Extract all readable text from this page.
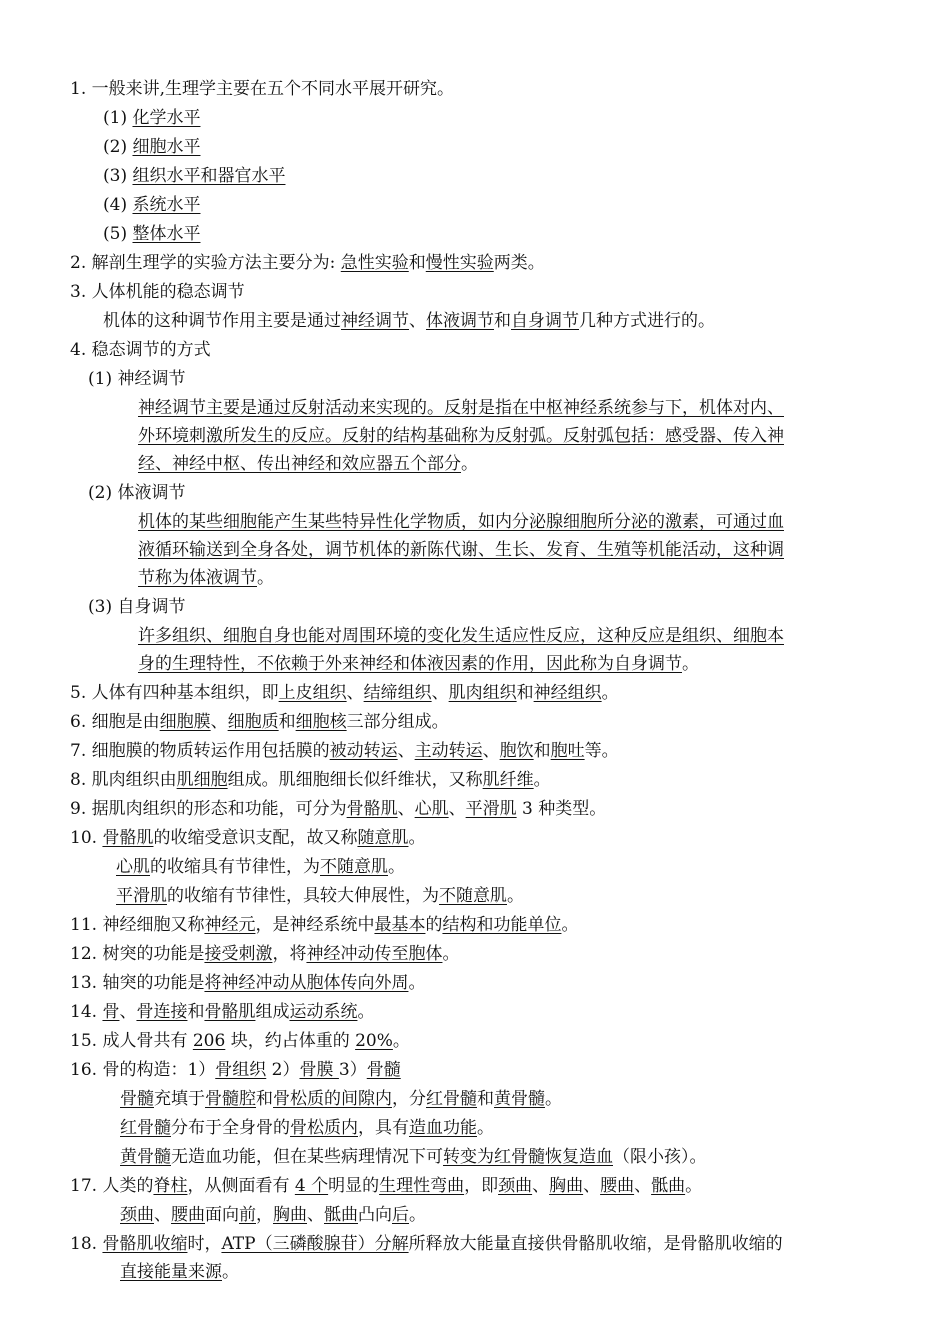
1. 一般来讲,生理学主要在五个不同水平展开研究。
(1) 化学水平
(2) 细胞水平
(3) 组织水平和器官水平
(4) 系统水平
(5) 整体水平
2. 解剖生理学的实验方法主要分为: 急性实验和慢性实验两类。
3. 人体机能的稳态调节
机体的这种调节作用主要是通过神经调节、体液调节和自身调节几种方式进行的。
4. 稳态调节的方式
(1) 神经调节
神经调节主要是通过反射活动来实现的。反射是指在中枢神经系统参与下，机体对内、
外环境刺激所发生的反应。反射的结构基础称为反射弧。反射弧包括：感受器、传入神
经、神经中枢、传出神经和效应器五个部分。
(2) 体液调节
机体的某些细胞能产生某些特异性化学物质，如内分泌腺细胞所分泌的激素，可通过血
液循环输送到全身各处，调节机体的新陈代谢、生长、发育、生殖等机能活动，这种调
节称为体液调节。
(3) 自身调节
许多组织、细胞自身也能对周围环境的变化发生适应性反应，这种反应是组织、细胞本
身的生理特性，不依赖于外来神经和体液因素的作用，因此称为自身调节。
5. 人体有四种基本组织，即上皮组织、结缔组织、肌肉组织和神经组织。
6. 细胞是由细胞膜、细胞质和细胞核三部分组成。
7. 细胞膜的物质转运作用包括膜的被动转运、主动转运、胞饮和胞吐等。
8. 肌肉组织由肌细胞组成。肌细胞细长似纤维状，又称肌纤维。
9. 据肌肉组织的形态和功能，可分为骨骼肌、心肌、平滑肌 3 种类型。
10. 骨骼肌的收缩受意识支配，故又称随意肌。
心肌的收缩具有节律性，为不随意肌。
平滑肌的收缩有节律性，具较大伸展性，为不随意肌。
11. 神经细胞又称神经元，是神经系统中最基本的结构和功能单位。
12. 树突的功能是接受刺激，将神经冲动传至胞体。
13. 轴突的功能是将神经冲动从胞体传向外周。
14. 骨、骨连接和骨骼肌组成运动系统。
15. 成人骨共有 206 块，约占体重的 20%。
16. 骨的构造：1）骨组织 2）骨膜 3）骨髓
骨髓充填于骨髓腔和骨松质的间隙内，分红骨髓和黄骨髓。
红骨髓分布于全身骨的骨松质内，具有造血功能。
黄骨髓无造血功能，但在某些病理情况下可转变为红骨髓恢复造血（限小孩）。
17. 人类的脊柱，从侧面看有 4 个明显的生理性弯曲，即颈曲、胸曲、腰曲、骶曲。
颈曲、腰曲面向前，胸曲、骶曲凸向后。
18. 骨骼肌收缩时，ATP（三磷酸腺苷）分解所释放大能量直接供骨骼肌收缩，是骨骼肌收缩的
直接能量来源。
